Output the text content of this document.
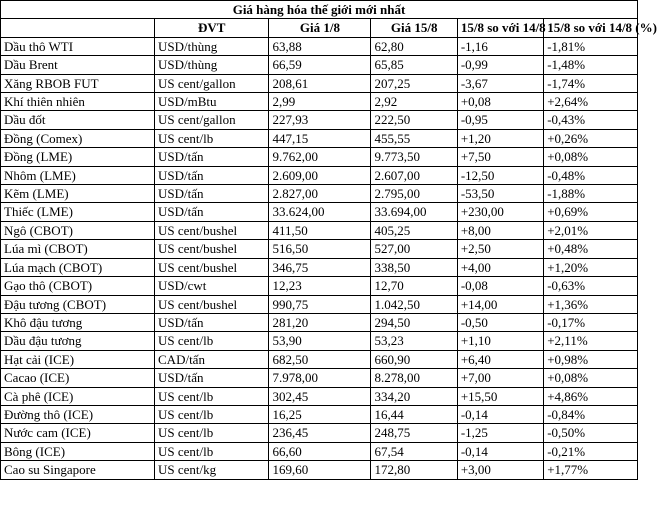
Giá hàng hóa thế giới mới nhất					
	ĐVT	Giá 1/8	Giá 15/8	15/8 so với 14/8	15/8 so với 14/8 (%)
Dầu thô WTI	USD/thùng	63,88	62,80	-1,16	-1,81%
Dầu Brent	USD/thùng	66,59	65,85	-0,99	-1,48%
Xăng RBOB FUT	US cent/gallon	208,61	207,25	-3,67	-1,74%
Khí thiên nhiên	USD/mBtu	2,99	2,92	+0,08	+2,64%
Dầu đốt	US cent/gallon	227,93	222,50	-0,95	-0,43%
Đồng (Comex)	US cent/lb	447,15	455,55	+1,20	+0,26%
Đồng (LME)	USD/tấn	9.762,00	9.773,50	+7,50	+0,08%
Nhôm (LME)	USD/tấn	2.609,00	2.607,00	-12,50	-0,48%
Kẽm (LME)	USD/tấn	2.827,00	2.795,00	-53,50	-1,88%
Thiếc (LME)	USD/tấn	33.624,00	33.694,00	+230,00	+0,69%
Ngô (CBOT)	US cent/bushel	411,50	405,25	+8,00	+2,01%
Lúa mì (CBOT)	US cent/bushel	516,50	527,00	+2,50	+0,48%
Lúa mạch (CBOT)	US cent/bushel	346,75	338,50	+4,00	+1,20%
Gạo thô (CBOT)	USD/cwt	12,23	12,70	-0,08	-0,63%
Đậu tương (CBOT)	US cent/bushel	990,75	1.042,50	+14,00	+1,36%
Khô đậu tương	USD/tấn	281,20	294,50	-0,50	-0,17%
Dầu đậu tương	US cent/lb	53,90	53,23	+1,10	+2,11%
Hạt cải (ICE)	CAD/tấn	682,50	660,90	+6,40	+0,98%
Cacao (ICE)	USD/tấn	7.978,00	8.278,00	+7,00	+0,08%
Cà phê (ICE)	US cent/lb	302,45	334,20	+15,50	+4,86%
Đường thô (ICE)	US cent/lb	16,25	16,44	-0,14	-0,84%
Nước cam (ICE)	US cent/lb	236,45	248,75	-1,25	-0,50%
Bông (ICE)	US cent/lb	66,60	67,54	-0,14	-0,21%
Cao su Singapore	US cent/kg	169,60	172,80	+3,00	+1,77%
